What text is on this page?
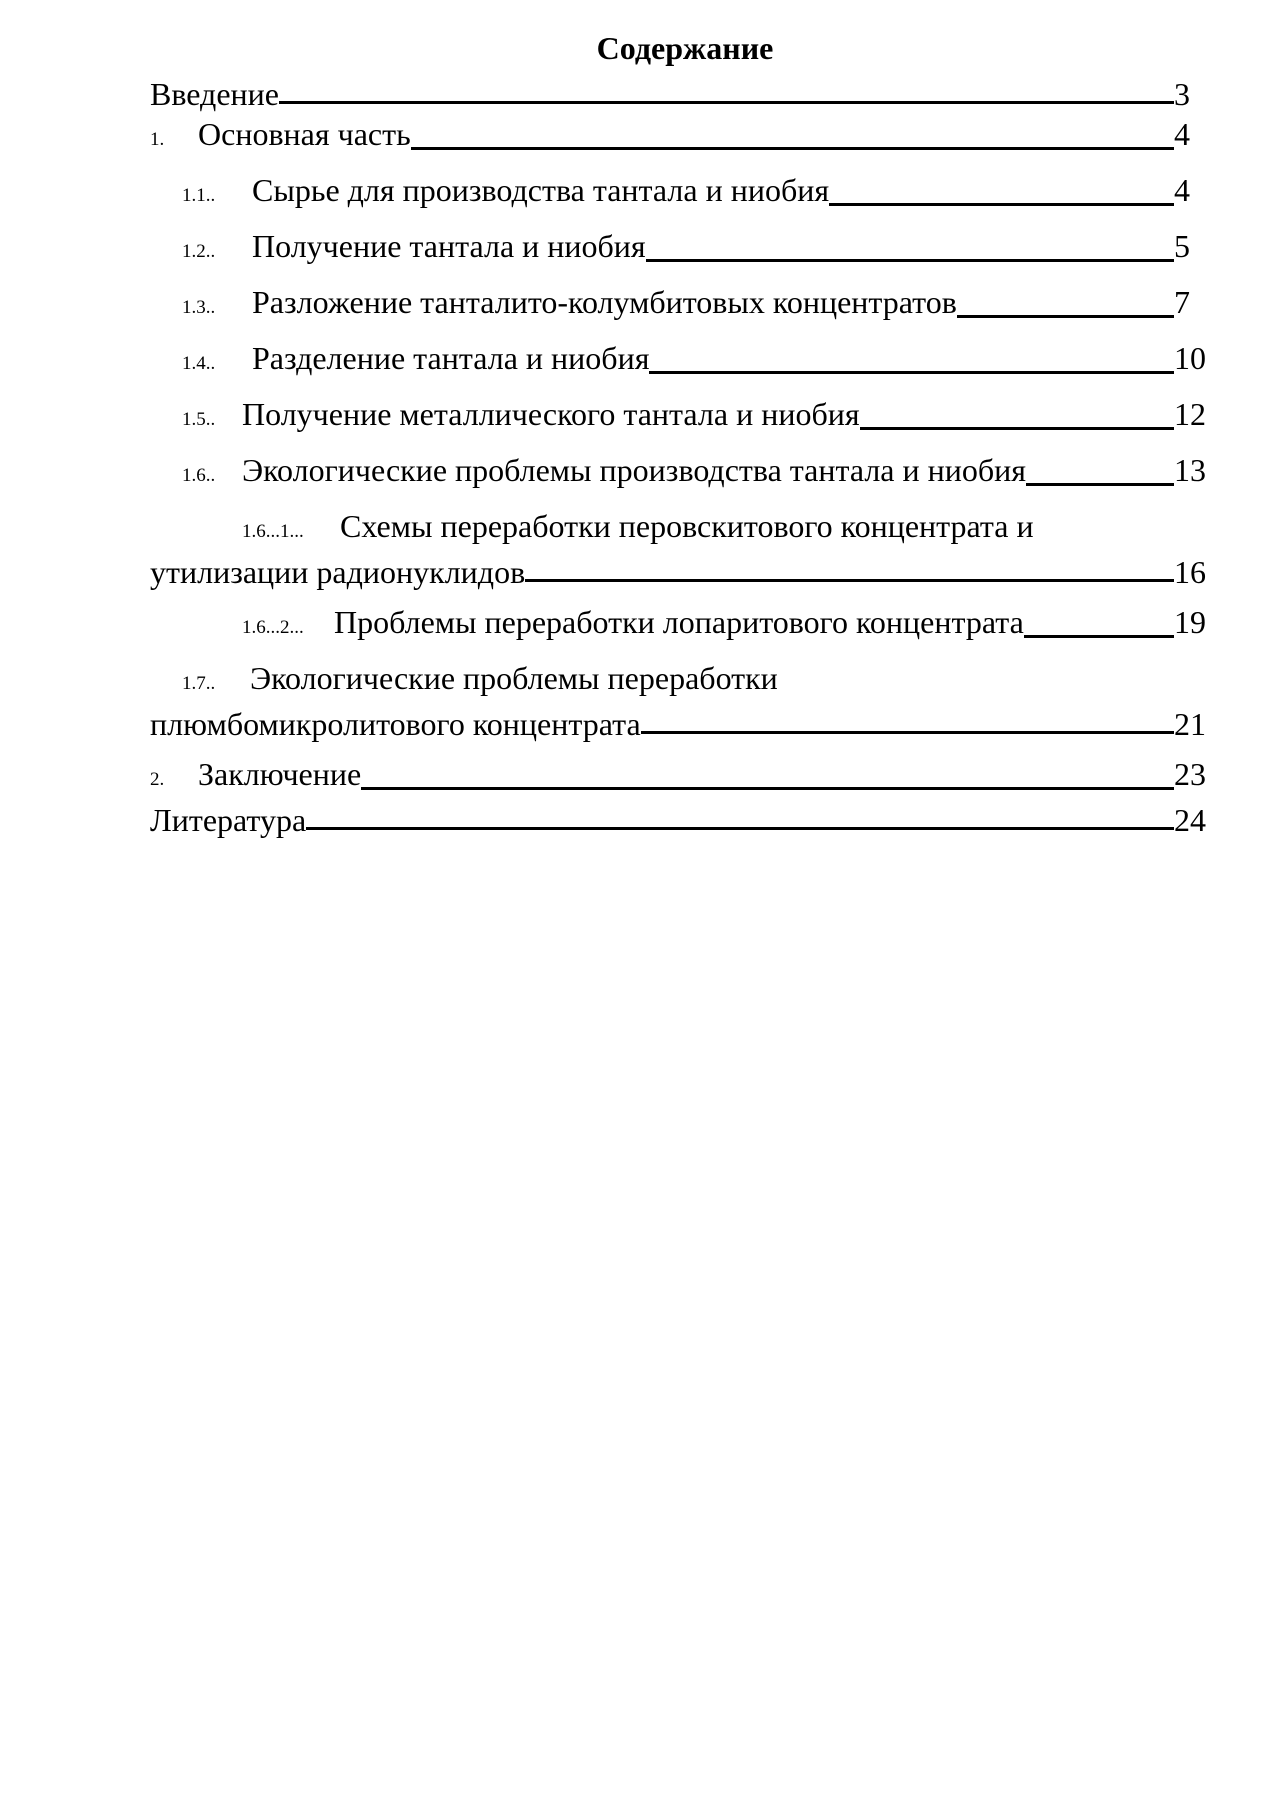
Содержание
Введение	3
1.	Основная часть	4
1.1..	Сырье для производства тантала и ниобия	4
1.2..	Получение тантала и ниобия	5
1.3..	Разложение танталито-колумбитовых концентратов	7
1.4..	Разделение тантала и ниобия	10
1.5.. Получение металлического тантала и ниобия	12
1.6.. Экологические проблемы производства тантала и ниобия	13
1.6...1... Схемы переработки перовскитового концентрата и
утилизации радионуклидов	16
1.6...2... Проблемы переработки лопаритового концентрата	19
1.7.. Экологические проблемы переработки
плюмбомикролитового концентрата	21
2.	Заключение	23
Литература	24
